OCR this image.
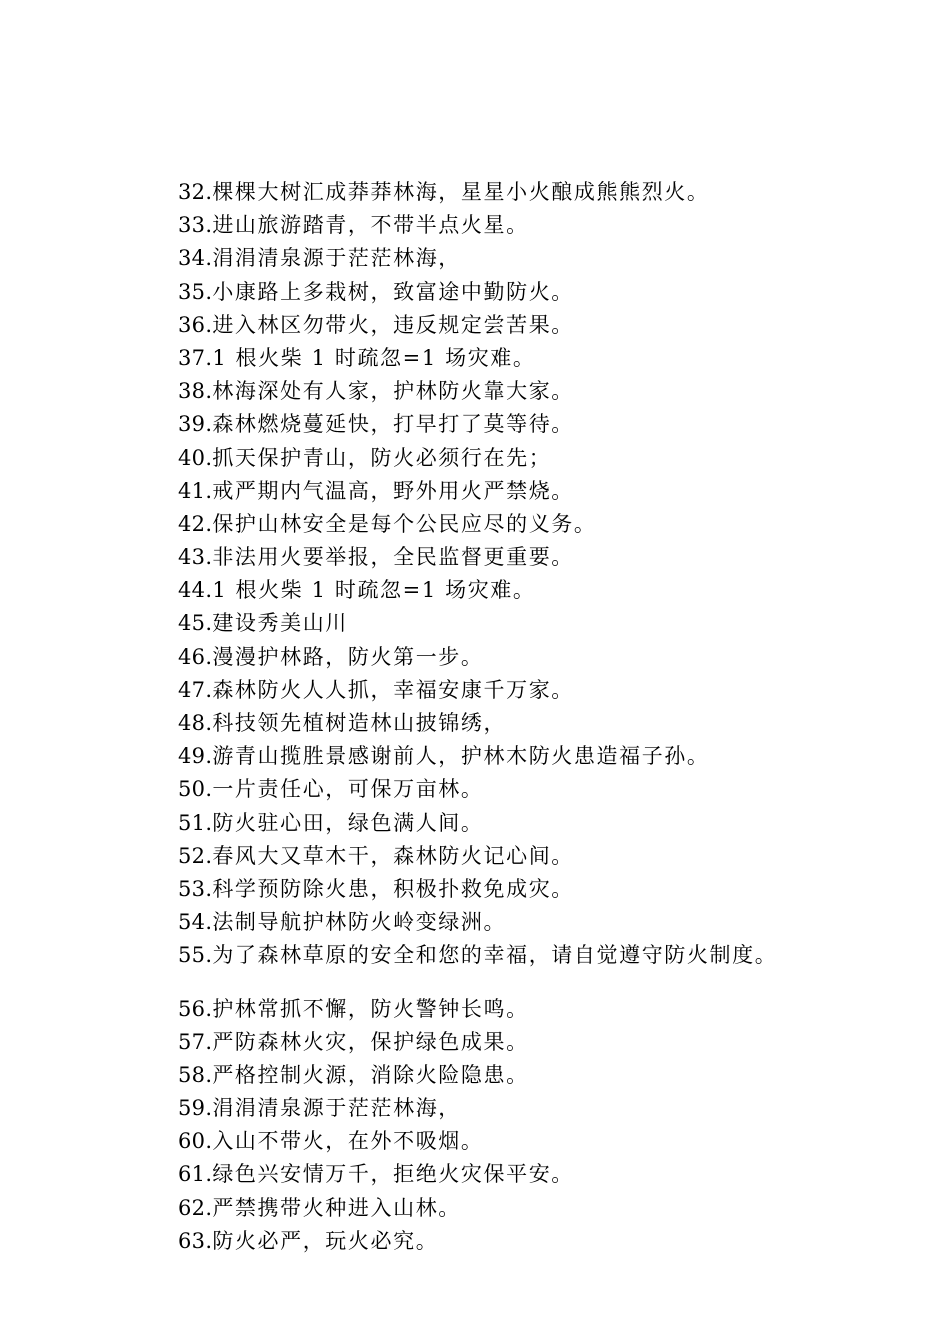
32.棵棵大树汇成莽莽林海，星星小火酿成熊熊烈火。
33.进山旅游踏青，不带半点火星。
34.涓涓清泉源于茫茫林海，
35.小康路上多栽树，致富途中勤防火。
36.进入林区勿带火，违反规定尝苦果。
37.1 根火柴 1 时疏忽=1 场灾难。
38.林海深处有人家，护林防火靠大家。
39.森林燃烧蔓延快，打早打了莫等待。
40.抓天保护青山，防火必须行在先；
41.戒严期内气温高，野外用火严禁烧。
42.保护山林安全是每个公民应尽的义务。
43.非法用火要举报，全民监督更重要。
44.1 根火柴 1 时疏忽=1 场灾难。
45.建设秀美山川
46.漫漫护林路，防火第一步。
47.森林防火人人抓，幸福安康千万家。
48.科技领先植树造林山披锦绣，
49.游青山揽胜景感谢前人，护林木防火患造福子孙。
50.一片责任心，可保万亩林。
51.防火驻心田，绿色满人间。
52.春风大又草木干，森林防火记心间。
53.科学预防除火患，积极扑救免成灾。
54.法制导航护林防火岭变绿洲。
55.为了森林草原的安全和您的幸福，请自觉遵守防火制度。
56.护林常抓不懈，防火警钟长鸣。
57.严防森林火灾，保护绿色成果。
58.严格控制火源，消除火险隐患。
59.涓涓清泉源于茫茫林海，
60.入山不带火，在外不吸烟。
61.绿色兴安情万千，拒绝火灾保平安。
62.严禁携带火种进入山林。
63.防火必严，玩火必究。
